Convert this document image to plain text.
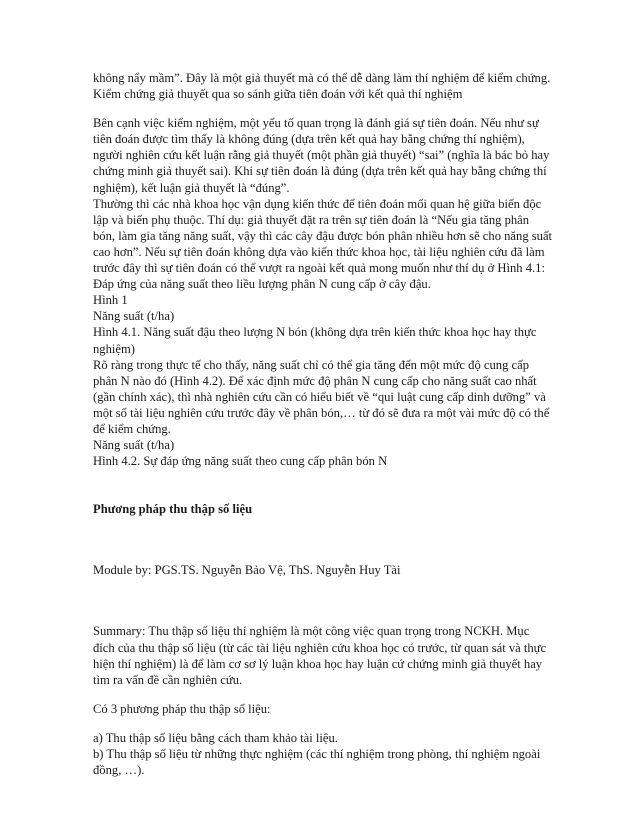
không nẩy mầm”. Đây là một giả thuyết mà có thể dễ dàng làm thí nghiệm để kiểm chứng.

Kiểm chứng giả thuyết qua so sánh giữa tiên đoán với kết quả thí nghiệm

Bên cạnh việc kiểm nghiệm, một yếu tố quan trọng là đánh giá sự tiên đoán. Nếu như sự tiên đoán được tìm thấy là không đúng (dựa trên kết quả hay bằng chứng thí nghiệm), người nghiên cứu kết luận rằng giả thuyết (một phần giả thuyết) “sai” (nghĩa là bác bỏ hay chứng minh giả thuyết sai). Khi sự tiên đoán là đúng (dựa trên kết quả hay bằng chứng thí nghiệm), kết luận giả thuyết là “đúng”.

Thường thì các nhà khoa học vận dụng kiến thức để tiên đoán mối quan hệ giữa biến độc lập và biến phụ thuộc. Thí dụ: giả thuyết đặt ra trên sự tiên đoán là “Nếu gia tăng phân bón, làm gia tăng năng suất, vậy thì các cây đậu được bón phân nhiều hơn sẽ cho năng suất cao hơn”. Nếu sự tiên đoán không dựa vào kiến thức khoa học, tài liệu nghiên cứu đã làm trước đây thì sự tiên đoán có thể vượt ra ngoài kết quả mong muốn như thí dụ ở Hình 4.1: Đáp ứng của năng suất theo liều lượng phân N cung cấp ở cây đậu.

Hình 1

Năng suất (t/ha)

Hình 4.1. Năng suất đậu theo lượng N bón (không dựa trên kiến thức khoa học hay thực nghiệm)

Rõ ràng trong thực tế cho thấy, năng suất chỉ có thể gia tăng đến một mức độ cung cấp phân N nào đó (Hình 4.2). Để xác định mức độ phân N cung cấp cho năng suất cao nhất (gần chính xác), thì nhà nghiên cứu cần có hiểu biết về “qui luật cung cấp dinh dưỡng” và một số tài liệu nghiên cứu trước đây về phân bón,… từ đó sẽ đưa ra một vài mức độ có thể để kiểm chứng.

Năng suất (t/ha)

Hình 4.2. Sự đáp ứng năng suất theo cung cấp phân bón N

Phương pháp thu thập số liệu

Module by: PGS.TS. Nguyễn Bảo Vệ, ThS. Nguyễn Huy Tài

Summary: Thu thập số liệu thí nghiệm là một công việc quan trọng trong NCKH. Mục đích của thu thập số liệu (từ các tài liệu nghiên cứu khoa học có trước, từ quan sát và thực hiện thí nghiệm) là để làm cơ sơ lý luận khoa học hay luận cứ chứng minh giả thuyết hay tìm ra vấn đề cần nghiên cứu.

Có 3 phương pháp thu thập số liệu:

a) Thu thập số liệu bằng cách tham khảo tài liệu.

b) Thu thập số liệu từ những thực nghiệm (các thí nghiệm trong phòng, thí nghiệm ngoài đồng, …).
